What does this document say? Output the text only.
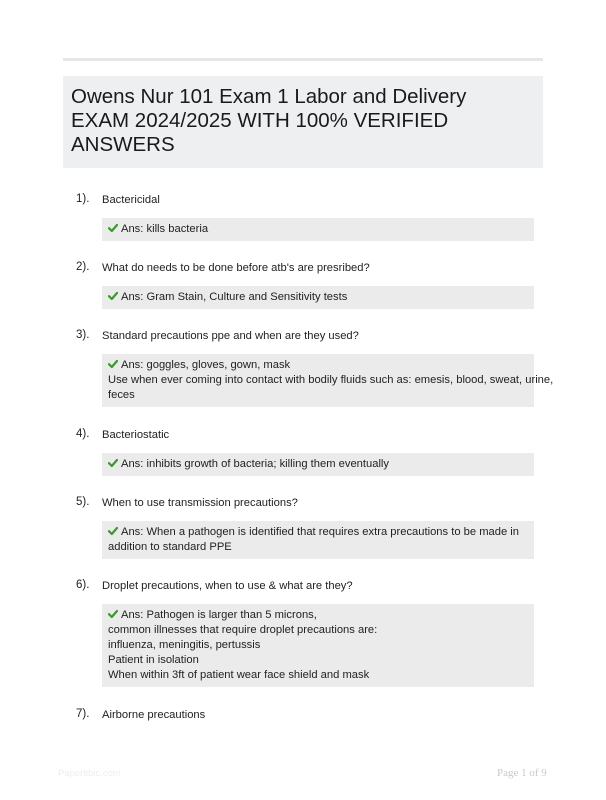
Owens Nur 101 Exam 1 Labor and Delivery

EXAM 2024/2025 WITH 100% VERIFIED

ANSWERS

1). Bactericidal
Ans: kills bacteria
2). What do needs to be done before atb's are presribed?
Ans: Gram Stain, Culture and Sensitivity tests
3). Standard precautions ppe and when are they used?
Ans: goggles, gloves, gown, mask
Use when ever coming into contact with bodily fluids such as: emesis, blood, sweat, urine,
feces
4). Bacteriostatic
Ans: inhibits growth of bacteria; killing them eventually
5). When to use transmission precautions?
Ans: When a pathogen is identified that requires extra precautions to be made in
addition to standard PPE
6). Droplet precautions, when to use & what are they?
Ans: Pathogen is larger than 5 microns,
common illnesses that require droplet precautions are:
influenza, meningitis, pertussis
Patient in isolation
When within 3ft of patient wear face shield and mask
7). Airborne precautions
Papertibic.com	Page 1 of 9
